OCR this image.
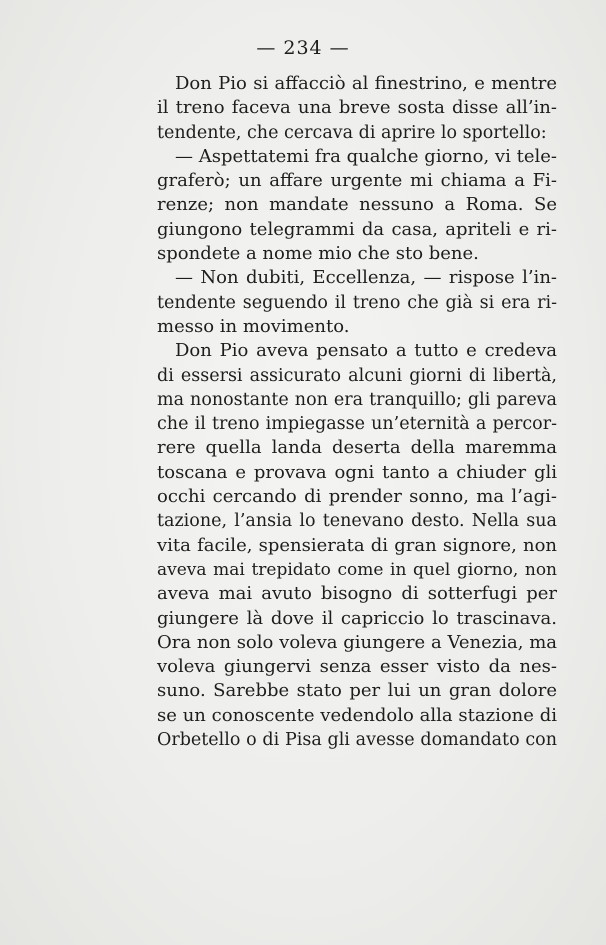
— 234 —
Don Pio si affacciò al finestrino, e mentre
il treno faceva una breve sosta disse all’in-
tendente, che cercava di aprire lo sportello:
— Aspettatemi fra qualche giorno, vi tele-
graferò; un affare urgente mi chiama a Fi-
renze; non mandate nessuno a Roma. Se
giungono telegrammi da casa, apriteli e ri-
spondete a nome mio che sto bene.
— Non dubiti, Eccellenza, — rispose l’in-
tendente seguendo il treno che già si era ri-
messo in movimento.
Don Pio aveva pensato a tutto e credeva
di essersi assicurato alcuni giorni di libertà,
ma nonostante non era tranquillo; gli pareva
che il treno impiegasse un’eternità a percor-
rere quella landa deserta della maremma
toscana e provava ogni tanto a chiuder gli
occhi cercando di prender sonno, ma l’agi-
tazione, l’ansia lo tenevano desto. Nella sua
vita facile, spensierata di gran signore, non
aveva mai trepidato come in quel giorno, non
aveva mai avuto bisogno di sotterfugi per
giungere là dove il capriccio lo trascinava.
Ora non solo voleva giungere a Venezia, ma
voleva giungervi senza esser visto da nes-
suno. Sarebbe stato per lui un gran dolore
se un conoscente vedendolo alla stazione di
Orbetello o di Pisa gli avesse domandato con
